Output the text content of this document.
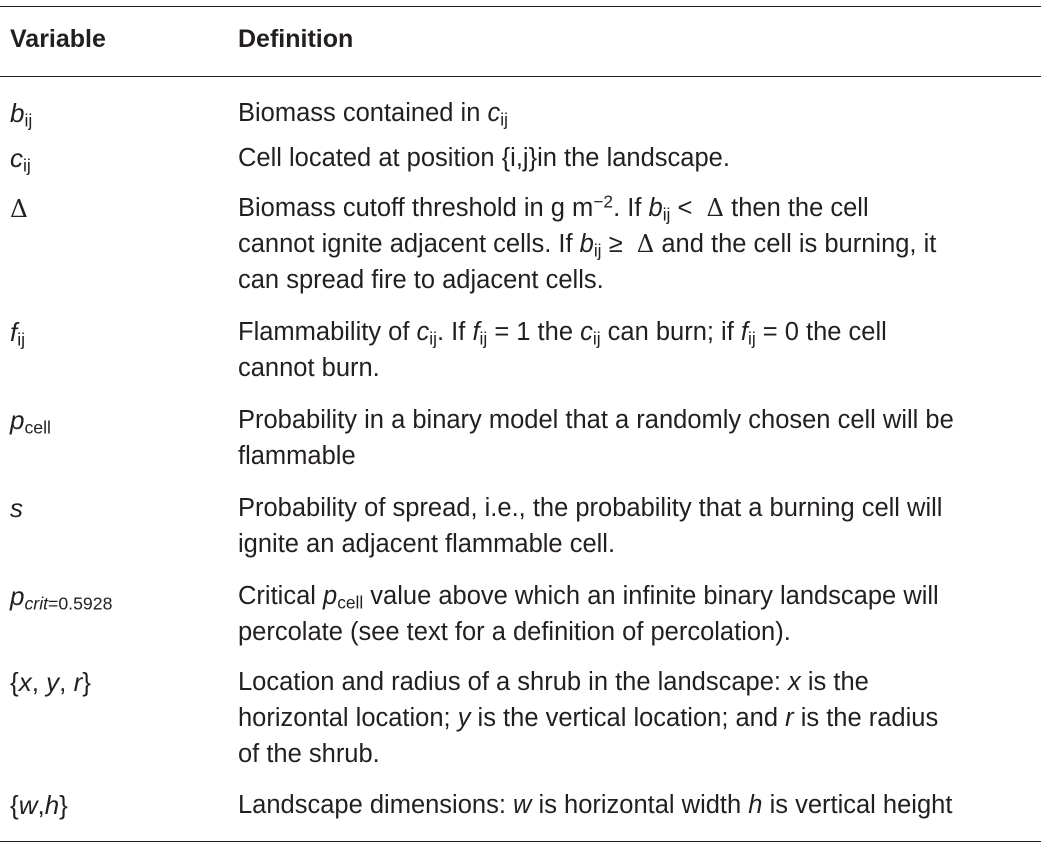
Variable	Definition
$b_{ij}$	Biomass contained in $c_{ij}$
$c_{ij}$	Cell located at position {i,j}in the landscape.
Δ	Biomass cutoff threshold in g $m^{-2}$. If $b_{ij} < \Delta$ then the cell
cannot ignite adjacent cells. If $b_{ij} \ge \Delta$ and the cell is burning, it
can spread fire to adjacent cells.
$f_{ij}$	Flammability of $c_{ij}$. If $f_{ij} = 1$ the $c_{ij}$ can burn; if $f_{ij} = 0$ the cell
cannot burn.
$p_{cell}$	Probability in a binary model that a randomly chosen cell will be
flammable
s	Probability of spread, i.e., the probability that a burning cell will
ignite an adjacent flammable cell.
$p_{crit=0.5928}$	Critical $p_{cell}$ value above which an infinite binary landscape will
percolate (see text for a definition of percolation).
{x, y, r}	Location and radius of a shrub in the landscape: x is the
horizontal location; y is the vertical location; and r is the radius
of the shrub.
{w,h}	Landscape dimensions: w is horizontal width h is vertical height
